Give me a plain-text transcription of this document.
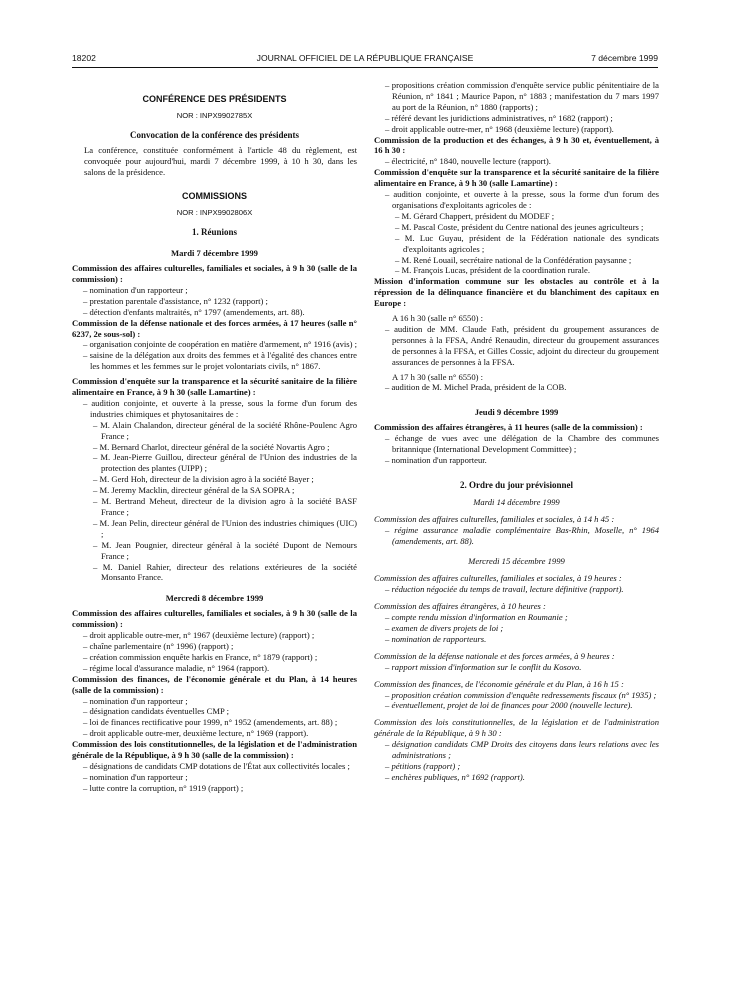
18202	JOURNAL OFFICIEL DE LA RÉPUBLIQUE FRANÇAISE	7 décembre 1999

CONFÉRENCE DES PRÉSIDENTS

NOR : INPX9902785X

Convocation de la conférence des présidents

La conférence, constituée conformément à l'article 48 du règlement, est convoquée pour aujourd'hui, mardi 7 décembre 1999, à 10 h 30, dans les salons de la présidence.

COMMISSIONS

NOR : INPX9902806X

1. Réunions

Mardi 7 décembre 1999

Commission des affaires culturelles, familiales et sociales, à 9 h 30 (salle de la commission) :

– nomination d'un rapporteur ;

– prestation parentale d'assistance, n° 1232 (rapport) ;

– détection d'enfants maltraités, n° 1797 (amendements, art. 88).

Commission de la défense nationale et des forces armées, à 17 heures (salle n° 6237, 2e sous-sol) :

– organisation conjointe de coopération en matière d'armement, n° 1916 (avis) ;

– saisine de la délégation aux droits des femmes et à l'égalité des chances entre les hommes et les femmes sur le projet volontariats civils, n° 1867.

Commission d'enquête sur la transparence et la sécurité sanitaire de la filière alimentaire en France, à 9 h 30 (salle Lamartine) :

– audition conjointe, et ouverte à la presse, sous la forme d'un forum des industries chimiques et phytosanitaires de :

– M. Alain Chalandon, directeur général de la société Rhône-Poulenc Agro France ;

– M. Bernard Charlot, directeur général de la société Novartis Agro ;

– M. Jean-Pierre Guillou, directeur général de l'Union des industries de la protection des plantes (UIPP) ;

– M. Gerd Hoh, directeur de la division agro à la société Bayer ;

– M. Jeremy Macklin, directeur général de la SA SOPRA ;

– M. Bertrand Meheut, directeur de la division agro à la société BASF France ;

– M. Jean Pelin, directeur général de l'Union des industries chimiques (UIC) ;

– M. Jean Pougnier, directeur général à la société Dupont de Nemours France ;

– M. Daniel Rahier, directeur des relations extérieures de la société Monsanto France.

Mercredi 8 décembre 1999

Commission des affaires culturelles, familiales et sociales, à 9 h 30 (salle de la commission) :

– droit applicable outre-mer, n° 1967 (deuxième lecture) (rapport) ;

– chaîne parlementaire (n° 1996) (rapport) ;

– création commission enquête harkis en France, n° 1879 (rapport) ;

– régime local d'assurance maladie, n° 1964 (rapport).

Commission des finances, de l'économie générale et du Plan, à 14 heures (salle de la commission) :

– nomination d'un rapporteur ;

– désignation candidats éventuelles CMP ;

– loi de finances rectificative pour 1999, n° 1952 (amendements, art. 88) ;

– droit applicable outre-mer, deuxième lecture, n° 1969 (rapport).

Commission des lois constitutionnelles, de la législation et de l'administration générale de la République, à 9 h 30 (salle de la commission) :

– désignations de candidats CMP dotations de l'État aux collectivités locales ;

– nomination d'un rapporteur ;

– lutte contre la corruption, n° 1919 (rapport) ;

– propositions création commission d'enquête service public pénitentiaire de la Réunion, n° 1841 ; Maurice Papon, n° 1883 ; manifestation du 7 mars 1997 au port de la Réunion, n° 1880 (rapports) ;

– référé devant les juridictions administratives, n° 1682 (rapport) ;

– droit applicable outre-mer, n° 1968 (deuxième lecture) (rapport).

Commission de la production et des échanges, à 9 h 30 et, éventuellement, à 16 h 30 :

– électricité, n° 1840, nouvelle lecture (rapport).

Commission d'enquête sur la transparence et la sécurité sanitaire de la filière alimentaire en France, à 9 h 30 (salle Lamartine) :

– audition conjointe, et ouverte à la presse, sous la forme d'un forum des organisations d'exploitants agricoles de :

– M. Gérard Chappert, président du MODEF ;

– M. Pascal Coste, président du Centre national des jeunes agriculteurs ;

– M. Luc Guyau, président de la Fédération nationale des syndicats d'exploitants agricoles ;

– M. René Louail, secrétaire national de la Confédération paysanne ;

– M. François Lucas, président de la coordination rurale.

Mission d'information commune sur les obstacles au contrôle et à la répression de la délinquance financière et du blanchiment des capitaux en Europe :

A 16 h 30 (salle n° 6550) :

– audition de MM. Claude Fath, président du groupement assurances de personnes à la FFSA, André Renaudin, directeur du groupement assurances de personnes à la FFSA, et Gilles Cossic, adjoint du directeur du groupement assurances de personnes à la FFSA.

A 17 h 30 (salle n° 6550) :

– audition de M. Michel Prada, président de la COB.

Jeudi 9 décembre 1999

Commission des affaires étrangères, à 11 heures (salle de la commission) :

– échange de vues avec une délégation de la Chambre des communes britannique (International Development Committee) ;

– nomination d'un rapporteur.

2. Ordre du jour prévisionnel

Mardi 14 décembre 1999

Commission des affaires culturelles, familiales et sociales, à 14 h 45 :

– régime assurance maladie complémentaire Bas-Rhin, Moselle, n° 1964 (amendements, art. 88).

Mercredi 15 décembre 1999

Commission des affaires culturelles, familiales et sociales, à 19 heures :

– réduction négociée du temps de travail, lecture définitive (rapport).

Commission des affaires étrangères, à 10 heures :

– compte rendu mission d'information en Roumanie ;

– examen de divers projets de loi ;

– nomination de rapporteurs.

Commission de la défense nationale et des forces armées, à 9 heures :

– rapport mission d'information sur le conflit du Kosovo.

Commission des finances, de l'économie générale et du Plan, à 16 h 15 :

– proposition création commission d'enquête redressements fiscaux (n° 1935) ;

– éventuellement, projet de loi de finances pour 2000 (nouvelle lecture).

Commission des lois constitutionnelles, de la législation et de l'administration générale de la République, à 9 h 30 :

– désignation candidats CMP Droits des citoyens dans leurs relations avec les administrations ;

– pétitions (rapport) ;

– enchères publiques, n° 1692 (rapport).
